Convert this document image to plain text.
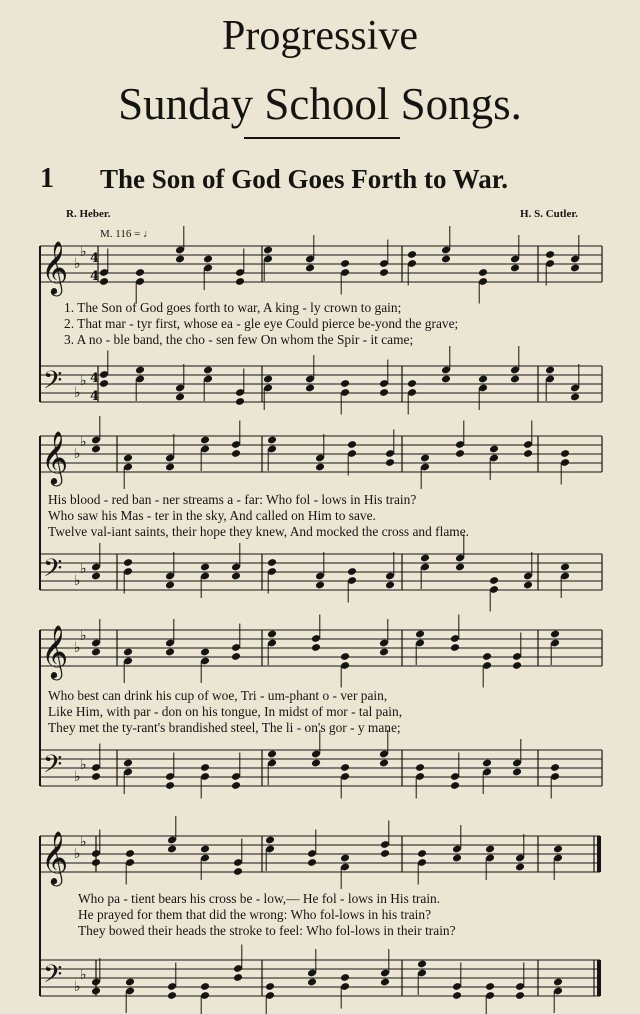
Progressive
Sunday School Songs.
1 The Son of God Goes Forth to War.
R. Heber.	H. S. Cutler.
M. 116 = ♩
𝄞 ♭
♭ 4
4
𝄢 ♭
♭ 4
4
𝄞 ♭
♭
𝄢 ♭
♭
𝄞 ♭
♭
𝄢 ♭
♭
𝄞 ♭
♭
𝄢 ♭
♭
1. The Son of God goes forth to war, A king - ly crown to gain;
2. That mar - tyr first, whose ea - gle eye Could pierce be-yond the grave;
3. A no - ble band, the cho - sen few On whom the Spir - it came;
His blood - red ban - ner streams a - far: Who fol - lows in His train?
Who saw his Mas - ter in the sky, And called on Him to save.
Twelve val-iant saints, their hope they knew, And mocked the cross and flame.
Who best can drink his cup of woe, Tri - um-phant o - ver pain,
Like Him, with par - don on his tongue, In midst of mor - tal pain,
They met the ty-rant's brandished steel, The li - on's gor - y mane;
Who pa - tient bears his cross be - low,— He fol - lows in His train.
He prayed for them that did the wrong: Who fol-lows in his train?
They bowed their heads the stroke to feel: Who fol-lows in their train?
